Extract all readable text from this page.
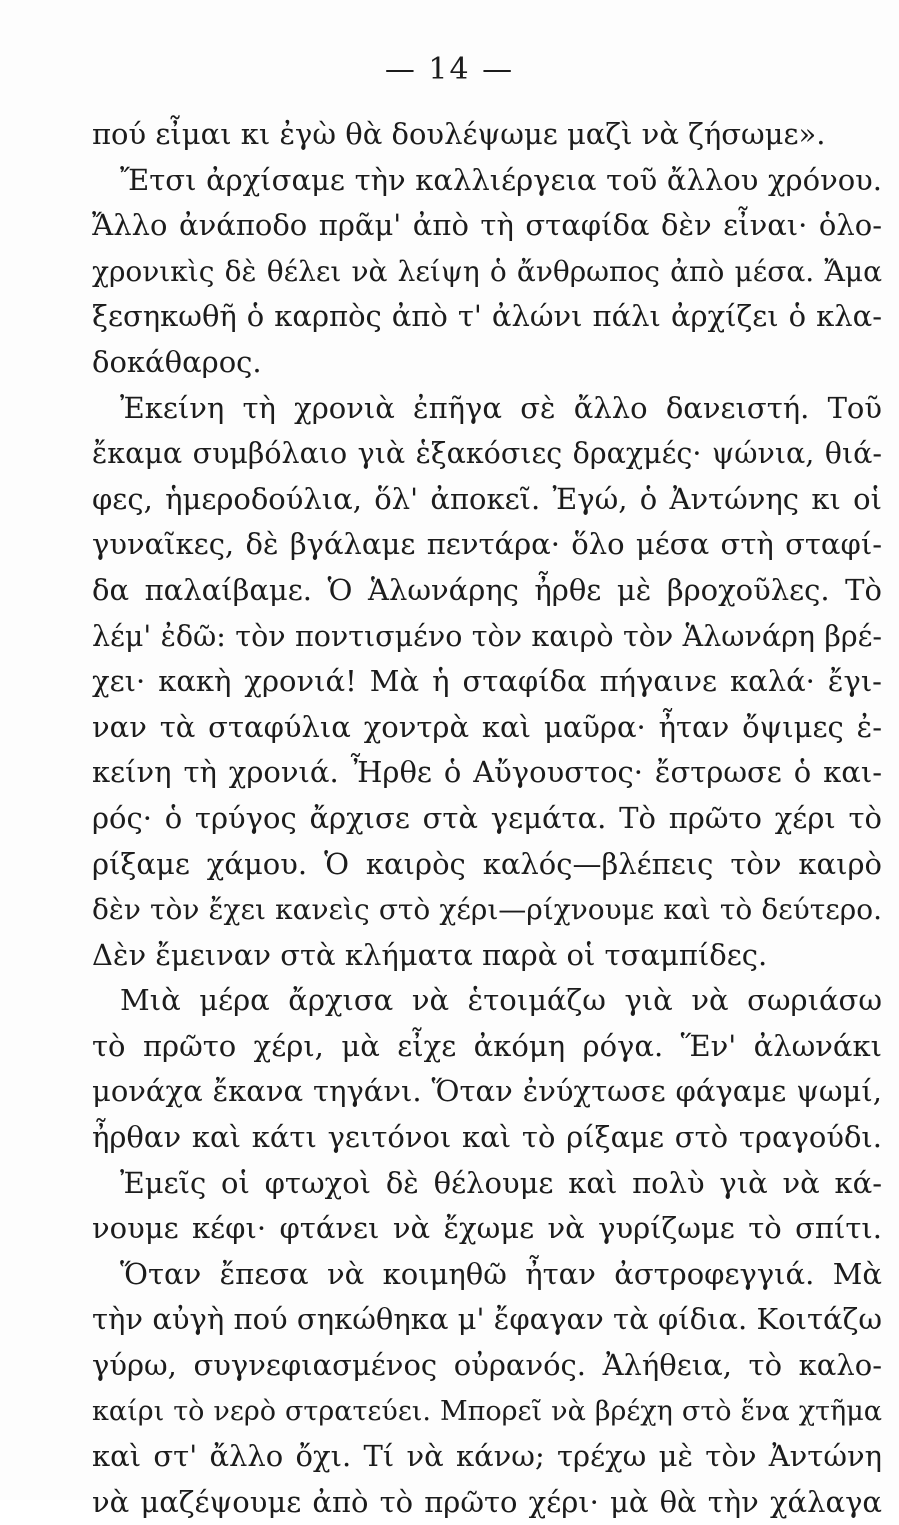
— 14 —
πού εἶμαι κι ἐγὼ θὰ δουλέψωμε μαζὶ νὰ ζήσωμε».
Ἔτσι ἀρχίσαμε τὴν καλλιέργεια τοῦ ἄλλου χρόνου.
Ἄλλο ἀνάποδο πρᾶμ' ἀπὸ τὴ σταφίδα δὲν εἶναι· ὁλο-
χρονικὶς δὲ θέλει νὰ λείψη ὁ ἄνθρωπος ἀπὸ μέσα. Ἄμα
ξεσηκωθῆ ὁ καρπὸς ἀπὸ τ' ἀλώνι πάλι ἀρχίζει ὁ κλα-
δοκάθαρος.
Ἐκείνη τὴ χρονιὰ ἐπῆγα σὲ ἄλλο δανειστή. Τοῦ
ἔκαμα συμβόλαιο γιὰ ἑξακόσιες δραχμές· ψώνια, θιά-
φες, ἡμεροδούλια, ὅλ' ἀποκεῖ. Ἐγώ, ὁ Ἀντώνης κι οἱ
γυναῖκες, δὲ βγάλαμε πεντάρα· ὅλο μέσα στὴ σταφί-
δα παλαίβαμε. Ὁ Ἁλωνάρης ἦρθε μὲ βροχοῦλες. Τὸ
λέμ' ἐδῶ: τὸν ποντισμένο τὸν καιρὸ τὸν Ἁλωνάρη βρέ-
χει· κακὴ χρονιά! Μὰ ἡ σταφίδα πήγαινε καλά· ἔγι-
ναν τὰ σταφύλια χοντρὰ καὶ μαῦρα· ἦταν ὄψιμες ἐ-
κείνη τὴ χρονιά. Ἦρθε ὁ Αὔγουστος· ἔστρωσε ὁ και-
ρός· ὁ τρύγος ἄρχισε στὰ γεμάτα. Τὸ πρῶτο χέρι τὸ
ρίξαμε χάμου. Ὁ καιρὸς καλός—βλέπεις τὸν καιρὸ
δὲν τὸν ἔχει κανεὶς στὸ χέρι—ρίχνουμε καὶ τὸ δεύτερο.
Δὲν ἔμειναν στὰ κλήματα παρὰ οἱ τσαμπίδες.
Μιὰ μέρα ἄρχισα νὰ ἑτοιμάζω γιὰ νὰ σωριάσω
τὸ πρῶτο χέρι, μὰ εἶχε ἀκόμη ρόγα. Ἕν' ἀλωνάκι
μονάχα ἔκανα τηγάνι. Ὅταν ἐνύχτωσε φάγαμε ψωμί,
ἦρθαν καὶ κάτι γειτόνοι καὶ τὸ ρίξαμε στὸ τραγούδι.
Ἐμεῖς οἱ φτωχοὶ δὲ θέλουμε καὶ πολὺ γιὰ νὰ κά-
νουμε κέφι· φτάνει νὰ ἔχωμε νὰ γυρίζωμε τὸ σπίτι.
Ὅταν ἔπεσα νὰ κοιμηθῶ ἦταν ἀστροφεγγιά. Μὰ
τὴν αὐγὴ πού σηκώθηκα μ' ἔφαγαν τὰ φίδια. Κοιτάζω
γύρω, συγνεφιασμένος οὐρανός. Ἀλήθεια, τὸ καλο-
καίρι τὸ νερὸ στρατεύει. Μπορεῖ νὰ βρέχη στὸ ἕνα χτῆμα
καὶ στ' ἄλλο ὄχι. Τί νὰ κάνω; τρέχω μὲ τὸν Ἀντώνη
νὰ μαζέψουμε ἀπὸ τὸ πρῶτο χέρι· μὰ θὰ τὴν χάλαγα
